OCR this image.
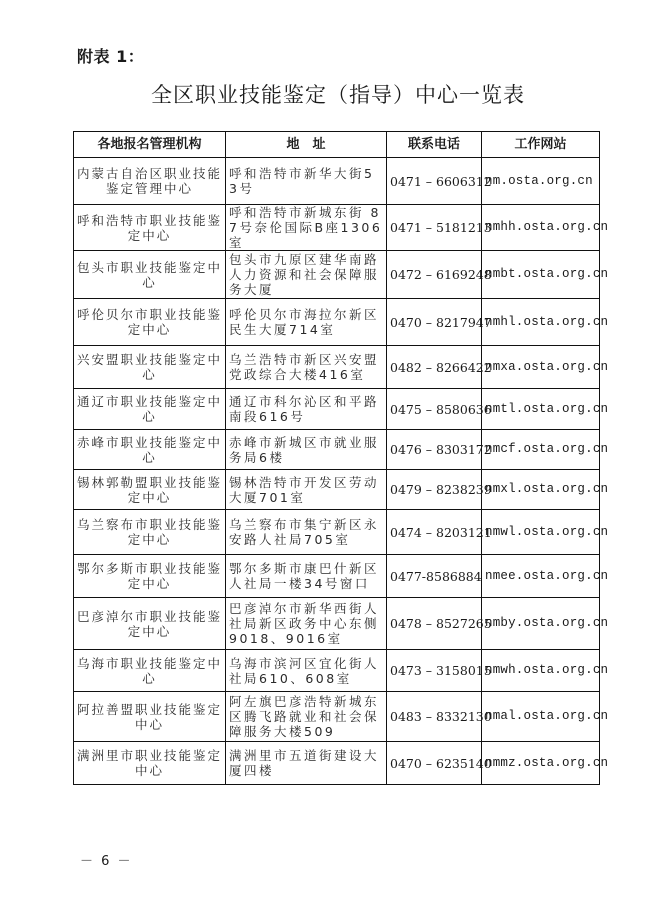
附表 1：
全区职业技能鉴定（指导）中心一览表
各地报名管理机构	地　址	联系电话	工作网站
内蒙古自治区职业技能鉴定管理中心	呼和浩特市新华大街53号	0471 – 6606312	nm.osta.org.cn
呼和浩特市职业技能鉴定中心	呼和浩特市新城东街 87号奈伦国际B座1306室	0471 – 5181213	nmhh.osta.org.cn
包头市职业技能鉴定中心	包头市九原区建华南路人力资源和社会保障服务大厦	0472 – 6169248	nmbt.osta.org.cn
呼伦贝尔市职业技能鉴定中心	呼伦贝尔市海拉尔新区民生大厦714室	0470 – 8217947	nmhl.osta.org.cn
兴安盟职业技能鉴定中心	乌兰浩特市新区兴安盟党政综合大楼416室	0482 – 8266422	nmxa.osta.org.cn
通辽市职业技能鉴定中心	通辽市科尔沁区和平路南段616号	0475 – 8580636	nmtl.osta.org.cn
赤峰市职业技能鉴定中心	赤峰市新城区市就业服务局6楼	0476 – 8303172	nmcf.osta.org.cn
锡林郭勒盟职业技能鉴定中心	锡林浩特市开发区劳动大厦701室	0479 – 8238239	nmxl.osta.org.cn
乌兰察布市职业技能鉴定中心	乌兰察布市集宁新区永安路人社局705室	0474 – 8203121	nmwl.osta.org.cn
鄂尔多斯市职业技能鉴定中心	鄂尔多斯市康巴什新区人社局一楼34号窗口	0477-8586884	nmee.osta.org.cn
巴彦淖尔市职业技能鉴定中心	巴彦淖尔市新华西街人社局新区政务中心东侧 9018、9016室	0478 – 8527265	nmby.osta.org.cn
乌海市职业技能鉴定中心	乌海市滨河区宜化街人社局610、608室	0473 – 3158015	nmwh.osta.org.cn
阿拉善盟职业技能鉴定中心	阿左旗巴彦浩特新城东区腾飞路就业和社会保障服务大楼509	0483 – 8332130	nmal.osta.org.cn
满洲里市职业技能鉴定中心	满洲里市五道街建设大厦四楼	0470 – 6235140	nmmz.osta.org.cn
－ 6 －
